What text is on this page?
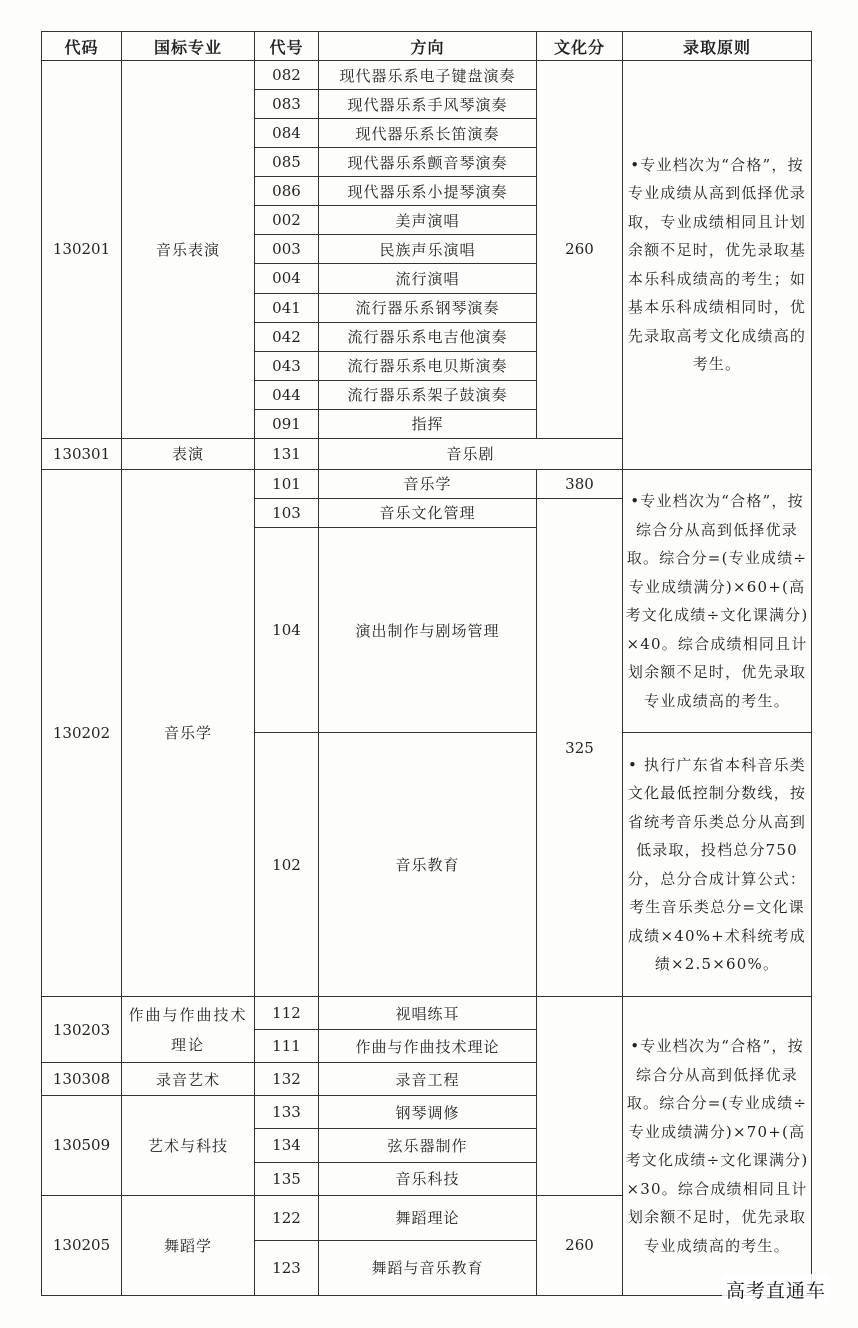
代码	国标专业	代号	方向	文化分	录取原则
130201	音乐表演	082	现代器乐系电子键盘演奏	260	•专业档次为“合格”，按专业成绩从高到低择优录取，专业成绩相同且计划余额不足时，优先录取基本乐科成绩高的考生；如基本乐科成绩相同时，优先录取高考文化成绩高的考生。
		083	现代器乐系手风琴演奏		
		084	现代器乐系长笛演奏		
		085	现代器乐系颤音琴演奏		
		086	现代器乐系小提琴演奏		
		002	美声演唱		
		003	民族声乐演唱		
		004	流行演唱		
		041	流行器乐系钢琴演奏		
		042	流行器乐系电吉他演奏		
		043	流行器乐系电贝斯演奏		
		044	流行器乐系架子鼓演奏		
		091	指挥		
130301	表演	131	音乐剧		
130202	音乐学	101	音乐学	380	•专业档次为“合格”，按综合分从高到低择优录取。综合分=(专业成绩÷专业成绩满分)×60+(高考文化成绩÷文化课满分)×40。综合成绩相同且计划余额不足时，优先录取专业成绩高的考生。
		103	音乐文化管理	325	
		104	演出制作与剧场管理		
		102	音乐教育		• 执行广东省本科音乐类文化最低控制分数线，按省统考音乐类总分从高到低录取，投档总分750分，总分合成计算公式：考生音乐类总分=文化课成绩×40%+术科统考成绩×2.5×60%。
130203	作曲与作曲技术理论	112	视唱练耳		•专业档次为“合格”，按综合分从高到低择优录取。综合分=(专业成绩÷专业成绩满分)×70+(高考文化成绩÷文化课满分)×30。综合成绩相同且计划余额不足时，优先录取专业成绩高的考生。
		111	作曲与作曲技术理论		
130308	录音艺术	132	录音工程		
130509	艺术与科技	133	钢琴调修		
		134	弦乐器制作		
		135	音乐科技		
130205	舞蹈学	122	舞蹈理论	260	
		123	舞蹈与音乐教育		
高考直通车
